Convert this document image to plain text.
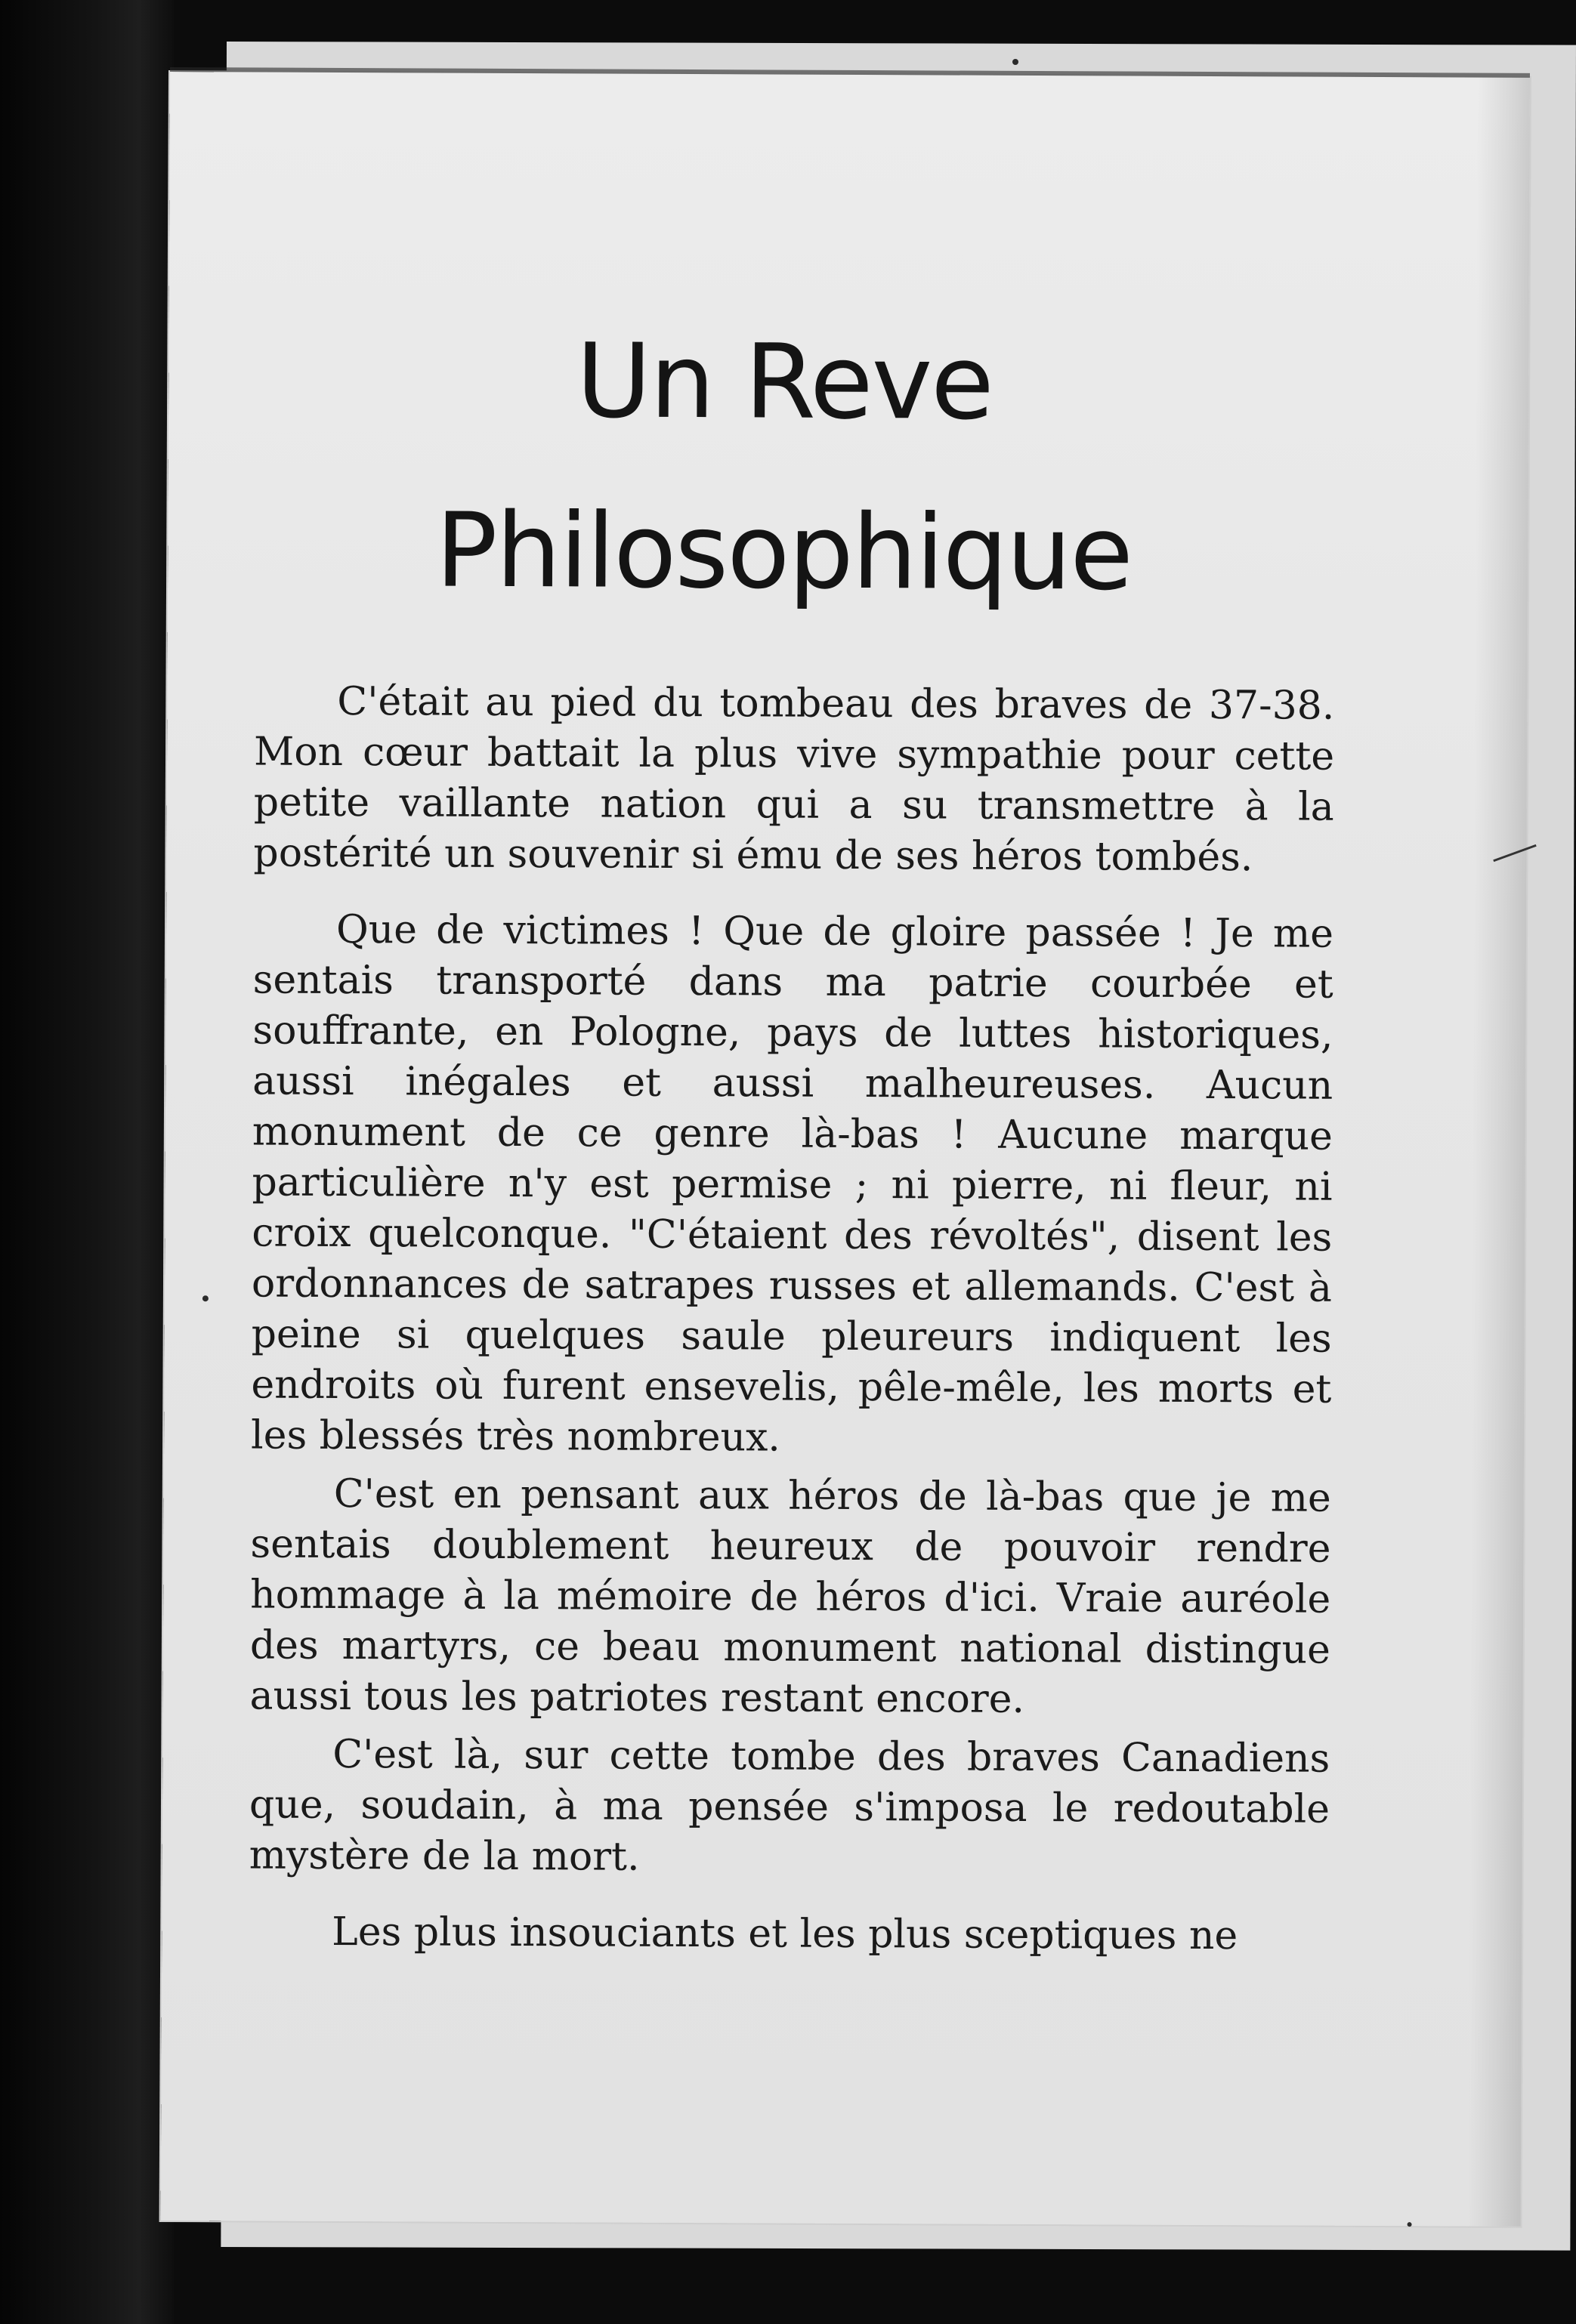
Un Reve
Philosophique

C'était au pied du tombeau des braves de 37-38. Mon cœur battait la plus vive sympathie pour cette petite vaillante nation qui a su transmettre à la postérité un souvenir si ému de ses héros tombés.

Que de victimes ! Que de gloire passée ! Je me sentais transporté dans ma patrie courbée et souffrante, en Pologne, pays de luttes historiques, aussi inégales et aussi malheureuses. Aucun monument de ce genre là-bas ! Aucune marque particulière n'y est permise ; ni pierre, ni fleur, ni croix quelconque. "C'étaient des révoltés", disent les ordonnances de satrapes russes et allemands. C'est à peine si quelques saule pleureurs indiquent les endroits où furent ensevelis, pêle-mêle, les morts et les blessés très nombreux.

C'est en pensant aux héros de là-bas que je me sentais doublement heureux de pouvoir rendre hommage à la mémoire de héros d'ici. Vraie auréole des martyrs, ce beau monument national distingue aussi tous les patriotes restant encore.

C'est là, sur cette tombe des braves Canadiens que, soudain, à ma pensée s'imposa le redoutable mystère de la mort.

Les plus insouciants et les plus sceptiques ne
